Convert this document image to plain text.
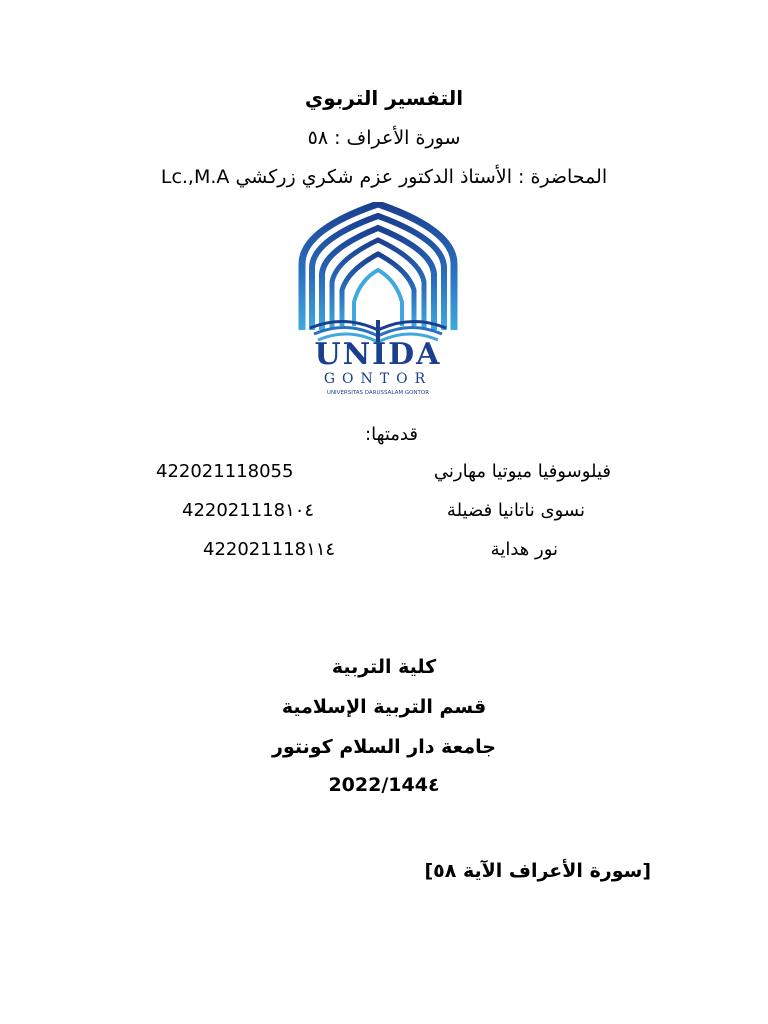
التفسير التربوي
سورة الأعراف : ٥٨
المحاضرة : الأستاذ الدكتور عزم شكري زركشي Lc.,M.A
UNIDA
GONTOR
UNIVERSITAS DARUSSALAM GONTOR
قدمتها:
فيلوسوفيا ميوتيا مهارني
422021118055
نسوى ناتانيا فضيلة
422021118١٠٤
نور هداية
422021118١١٤
كلية التربية
قسم التربية الإسلامية
جامعة دار السلام كونتور
2022/144٤
[سورة الأعراف الآية ٥٨]
